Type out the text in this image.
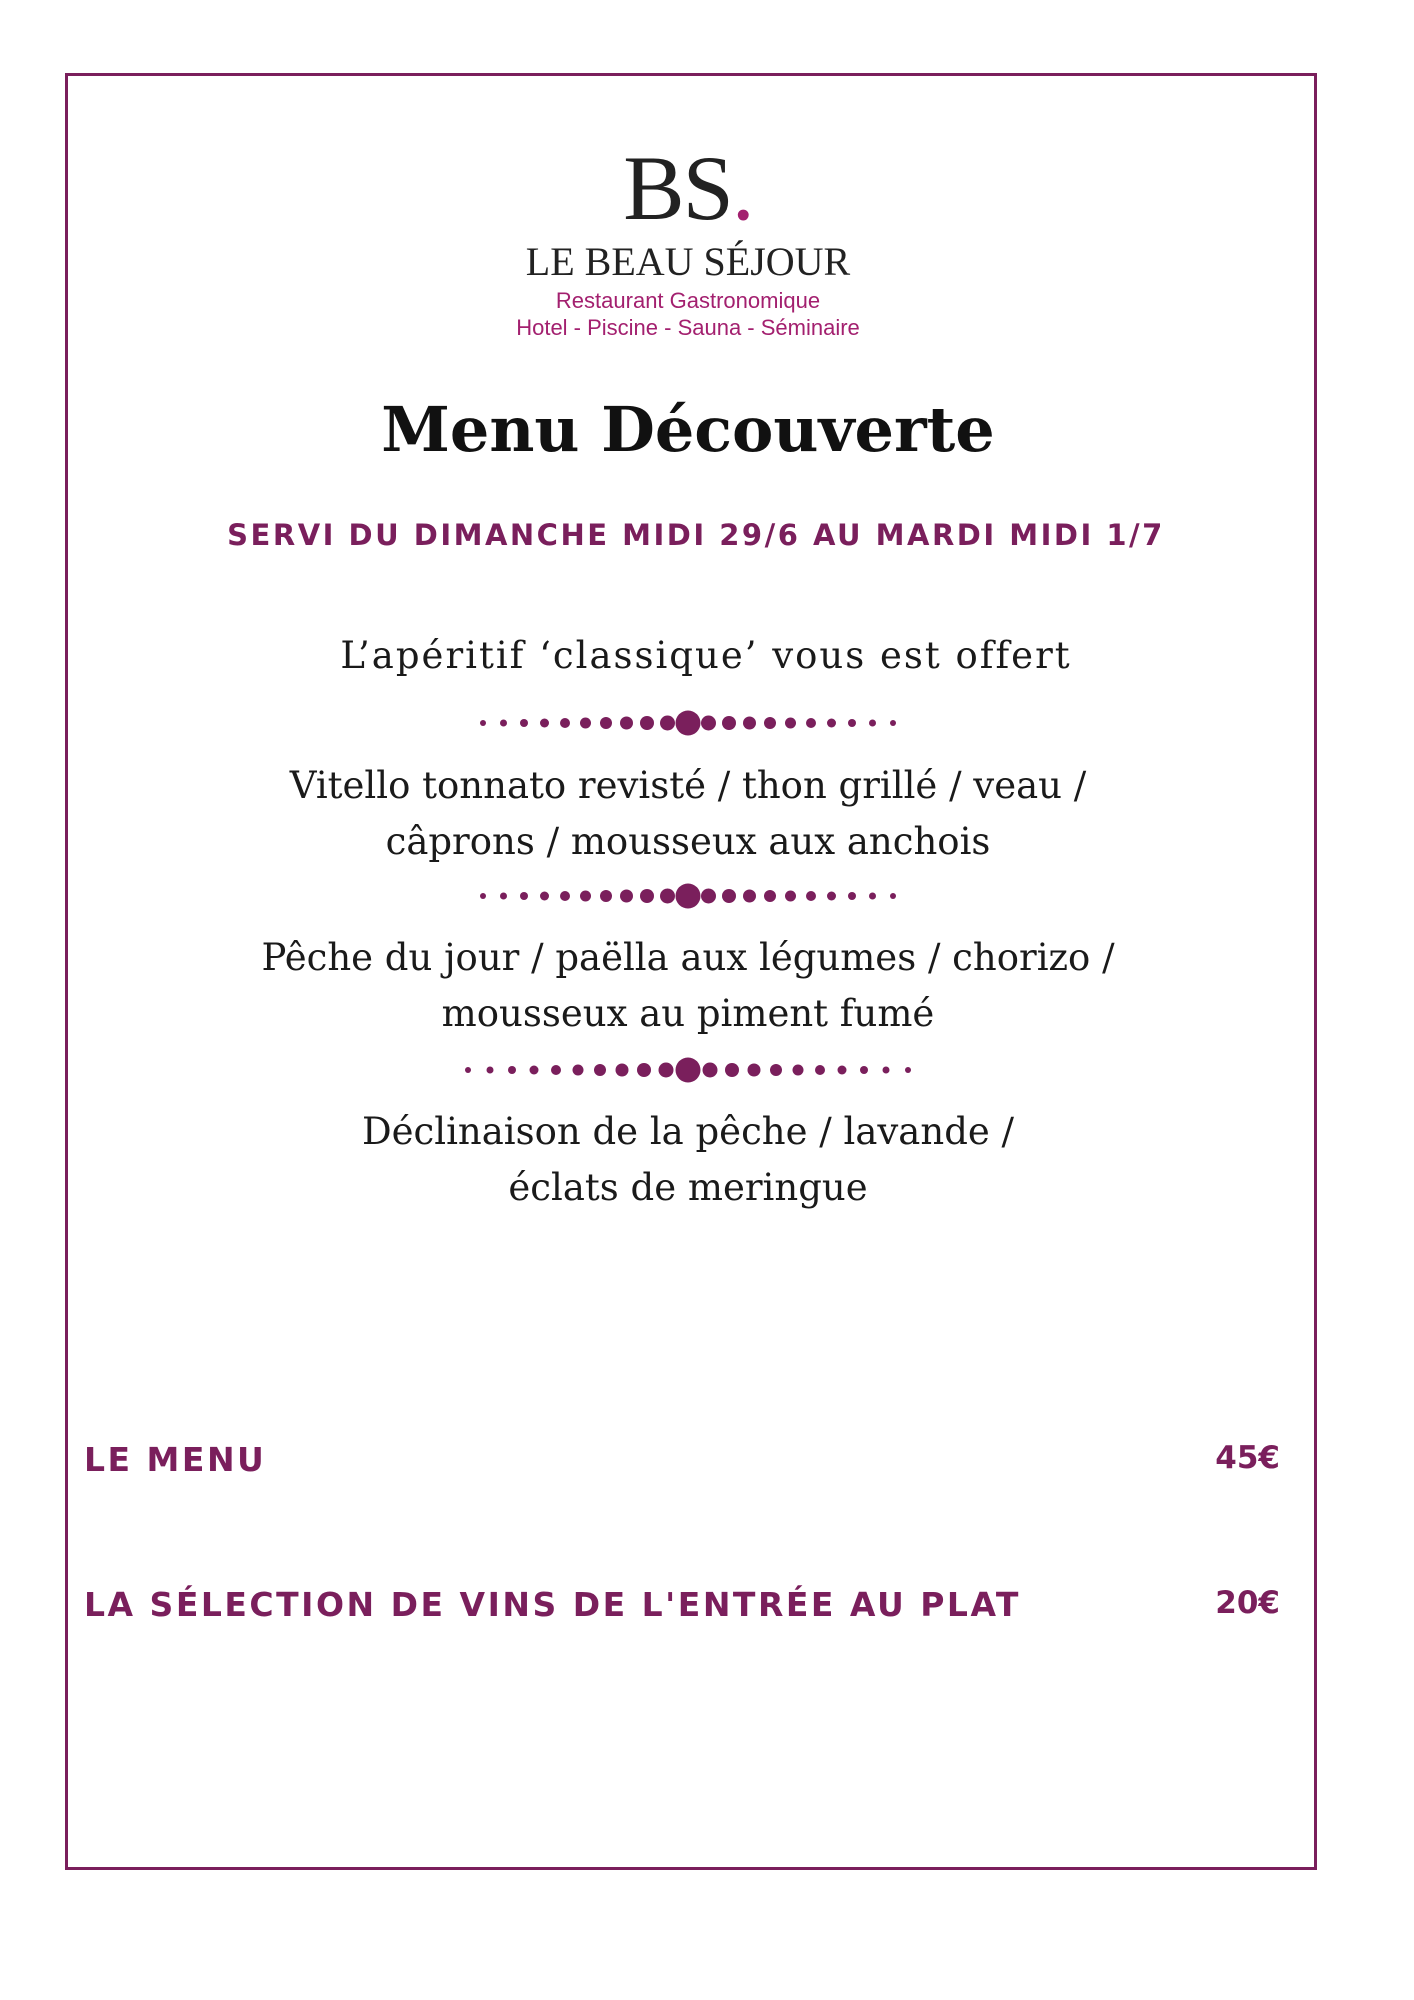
BS.
LE BEAU SÉJOUR
Restaurant Gastronomique
Hotel - Piscine - Sauna - Séminaire
Menu Découverte
SERVI DU DIMANCHE MIDI 29/6 AU MARDI MIDI 1/7
L’apéritif ‘classique’ vous est offert
Vitello tonnato revisté / thon grillé / veau /
câprons / mousseux aux anchois
Pêche du jour / paëlla aux légumes / chorizo /
mousseux au piment fumé
Déclinaison de la pêche / lavande /
éclats de meringue
LE MENU	45€
LA SÉLECTION DE VINS DE L'ENTRÉE AU PLAT	20€
